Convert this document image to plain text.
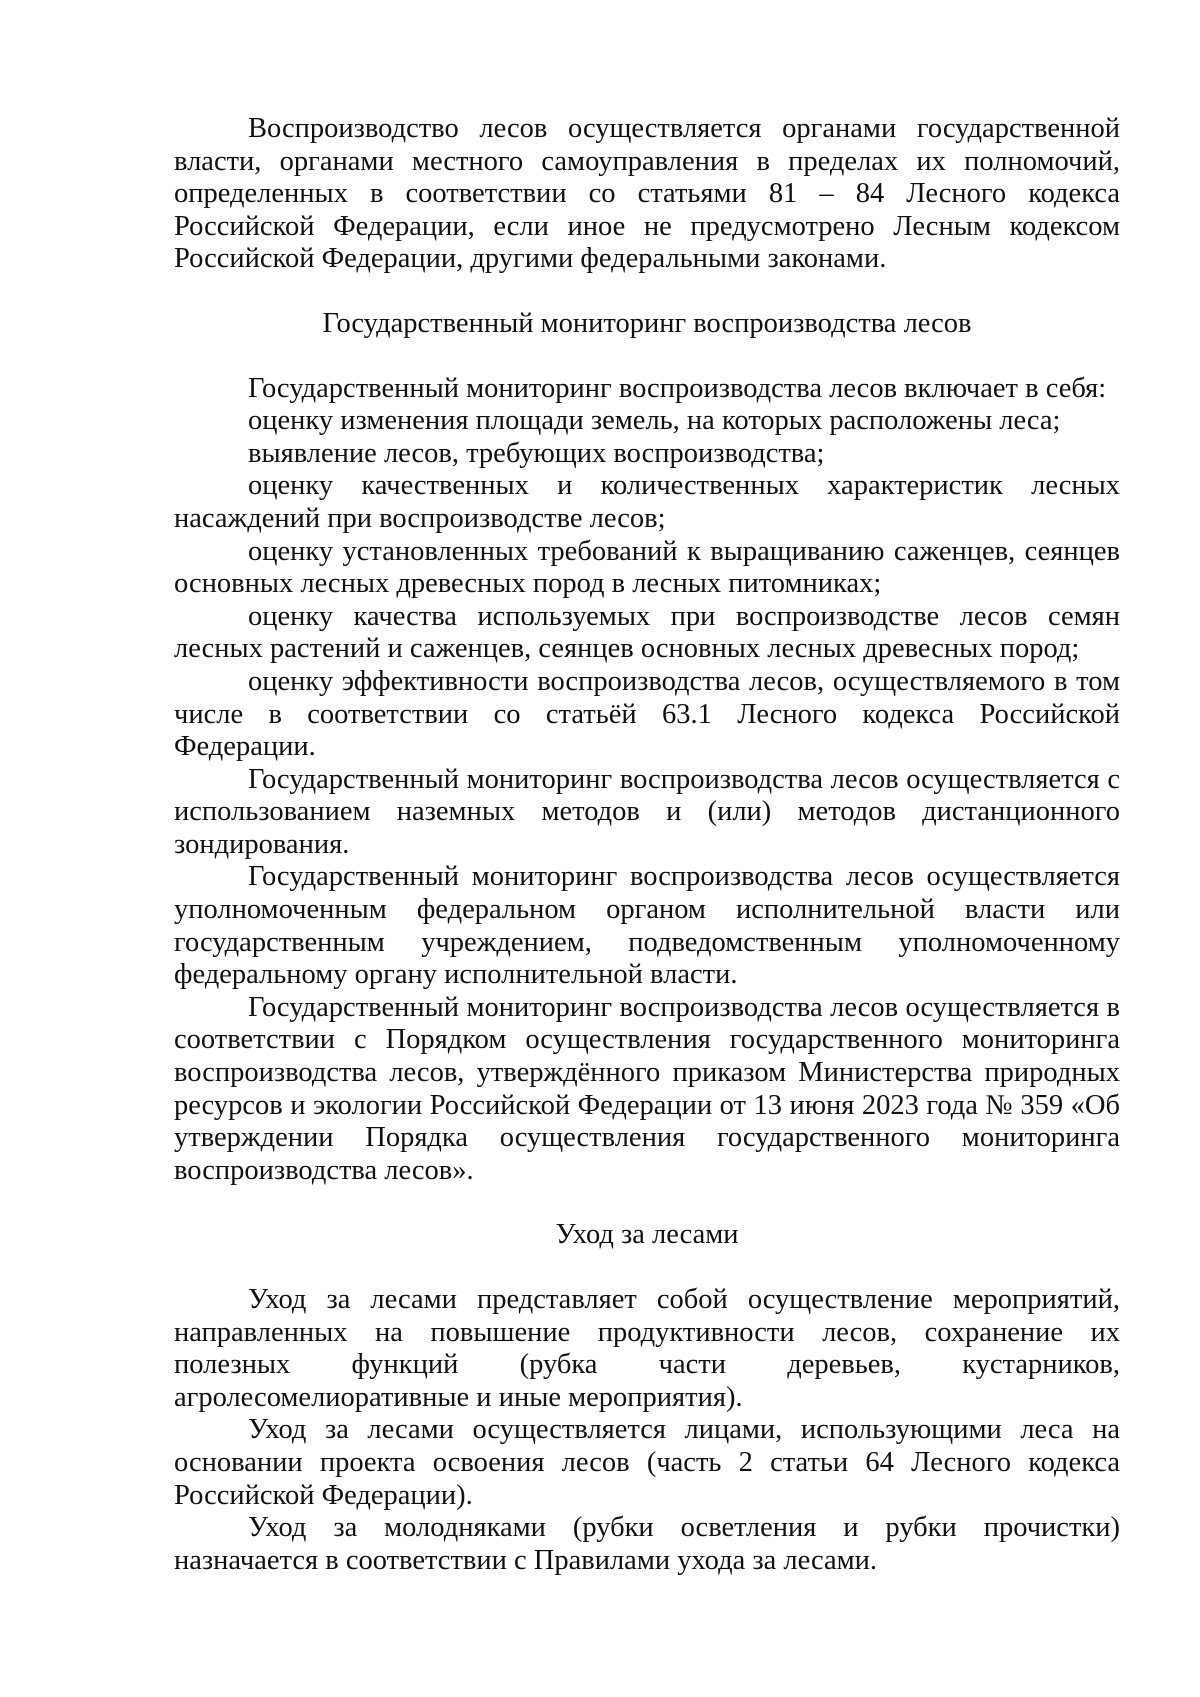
Воспроизводство лесов осуществляется органами государственной власти, органами местного самоуправления в пределах их полномочий, определенных в соответствии со статьями 81 – 84 Лесного кодекса Российской Федерации, если иное не предусмотрено Лесным кодексом Российской Федерации, другими федеральными законами.

Государственный мониторинг воспроизводства лесов

Государственный мониторинг воспроизводства лесов включает в себя:

оценку изменения площади земель, на которых расположены леса;

выявление лесов, требующих воспроизводства;

оценку качественных и количественных характеристик лесных насаждений при воспроизводстве лесов;

оценку установленных требований к выращиванию саженцев, сеянцев основных лесных древесных пород в лесных питомниках;

оценку качества используемых при воспроизводстве лесов семян лесных растений и саженцев, сеянцев основных лесных древесных пород;

оценку эффективности воспроизводства лесов, осуществляемого в том числе в соответствии со статьёй 63.1 Лесного кодекса Российской Федерации.

Государственный мониторинг воспроизводства лесов осуществляется с использованием наземных методов и (или) методов дистанционного зондирования.

Государственный мониторинг воспроизводства лесов осуществляется уполномоченным федеральном органом исполнительной власти или государственным учреждением, подведомственным уполномоченному федеральному органу исполнительной власти.

Государственный мониторинг воспроизводства лесов осуществляется в соответствии с Порядком осуществления государственного мониторинга воспроизводства лесов, утверждённого приказом Министерства природных ресурсов и экологии Российской Федерации от 13 июня 2023 года № 359 «Об утверждении Порядка осуществления государственного мониторинга воспроизводства лесов».

Уход за лесами

Уход за лесами представляет собой осуществление мероприятий, направленных на повышение продуктивности лесов, сохранение их полезных функций (рубка части деревьев, кустарников, агролесомелиоративные и иные мероприятия).

Уход за лесами осуществляется лицами, использующими леса на основании проекта освоения лесов (часть 2 статьи 64 Лесного кодекса Российской Федерации).

Уход за молодняками (рубки осветления и рубки прочистки) назначается в соответствии с Правилами ухода за лесами.
